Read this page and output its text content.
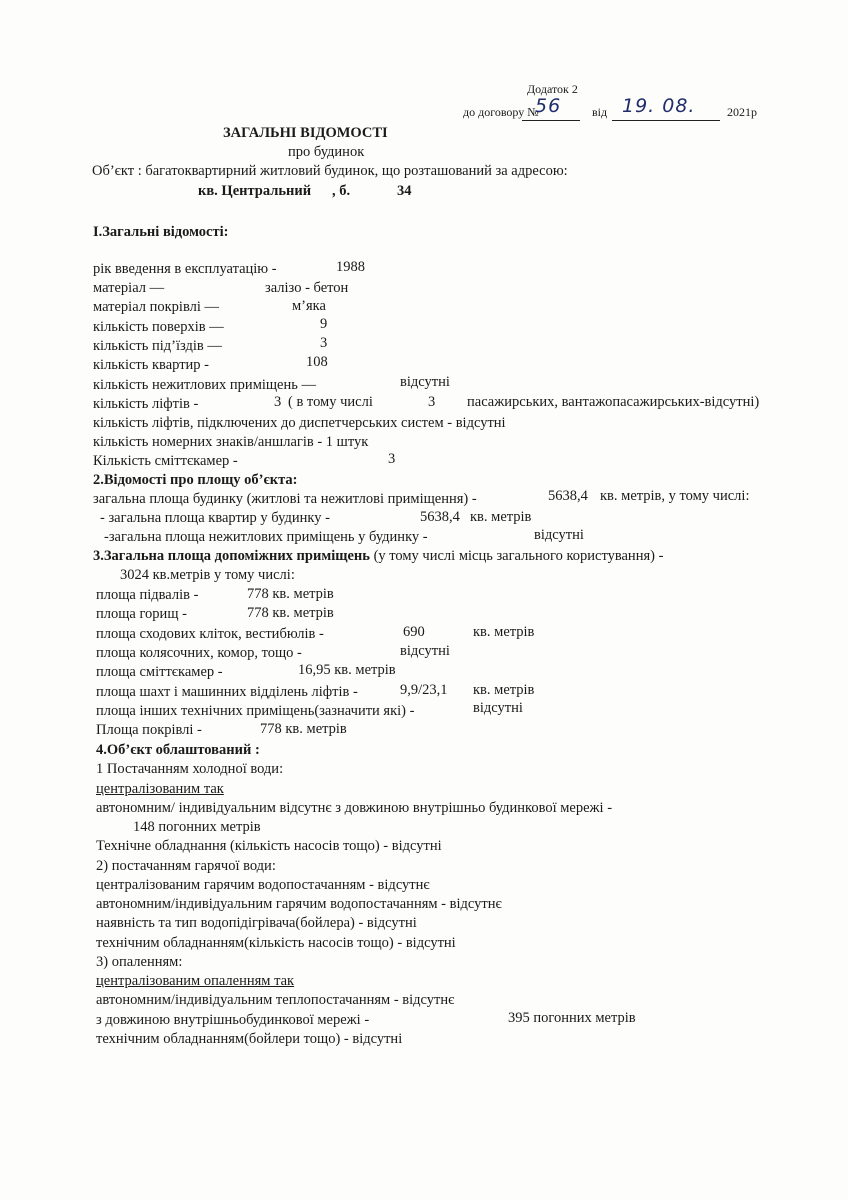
Додаток 2
до договору №
56	від 19. 08.	2021р
ЗАГАЛЬНІ ВІДОМОСТІ
про будинок
Об’єкт : багатоквартирний житловий будинок, що розташований за адресою:
кв. Центральний , б.	34
І.Загальні відомості:
рік введення в експлуатацію -	1988
матеріал —	залізо - бетон
матеріал покрівлі —	м’яка
кількість поверхів —	9
кількість під’їздів —	3
кількість квартир -	108
кількість нежитлових приміщень —	відсутні
кількість ліфтів -	3 ( в тому числі	3 пасажирських, вантажопасажирських-відсутні)
кількість ліфтів, підключених до диспетчерських систем - відсутні
кількість номерних знаків/аншлагів - 1 штук
Кількість сміттєкамер -	3
2.Відомості про площу об’єкта:
загальна площа будинку (житлові та нежитлові приміщення) -	5638,4 кв. метрів, у тому числі:
- загальна площа квартир у будинку -	5638,4 кв. метрів
-загальна площа нежитлових приміщень у будинку -	відсутні
3.Загальна площа допоміжних приміщень (у тому числі місць загального користування) -
3024 кв.метрів у тому числі:
площа підвалів -	778 кв. метрів
площа горищ -	778 кв. метрів
площа сходових кліток, вестибюлів -	690	кв. метрів
площа колясочних, комор, тощо -	відсутні
площа сміттєкамер -	16,95 кв. метрів
площа шахт і машинних відділень ліфтів -	9,9/23,1 кв. метрів
площа інших технічних приміщень(зазначити які) -	відсутні
Площа покрівлі -	778 кв. метрів
4.Об’єкт облаштований :
1 Постачанням холодної води:
централізованим так
автономним/ індивідуальним відсутнє з довжиною внутрішньо будинкової мережі -
148 погонних метрів
Технічне обладнання (кількість насосів тощо) - відсутні
2) постачанням гарячої води:
централізованим гарячим водопостачанням - відсутнє
автономним/індивідуальним гарячим водопостачанням - відсутнє
наявність та тип водопідігрівача(бойлера) - відсутні
технічним обладнанням(кількість насосів тощо) - відсутні
3) опаленням:
централізованим опаленням так
автономним/індивідуальним теплопостачанням - відсутнє
з довжиною внутрішньобудинкової мережі -	395 погонних метрів
технічним обладнанням(бойлери тощо) - відсутні
